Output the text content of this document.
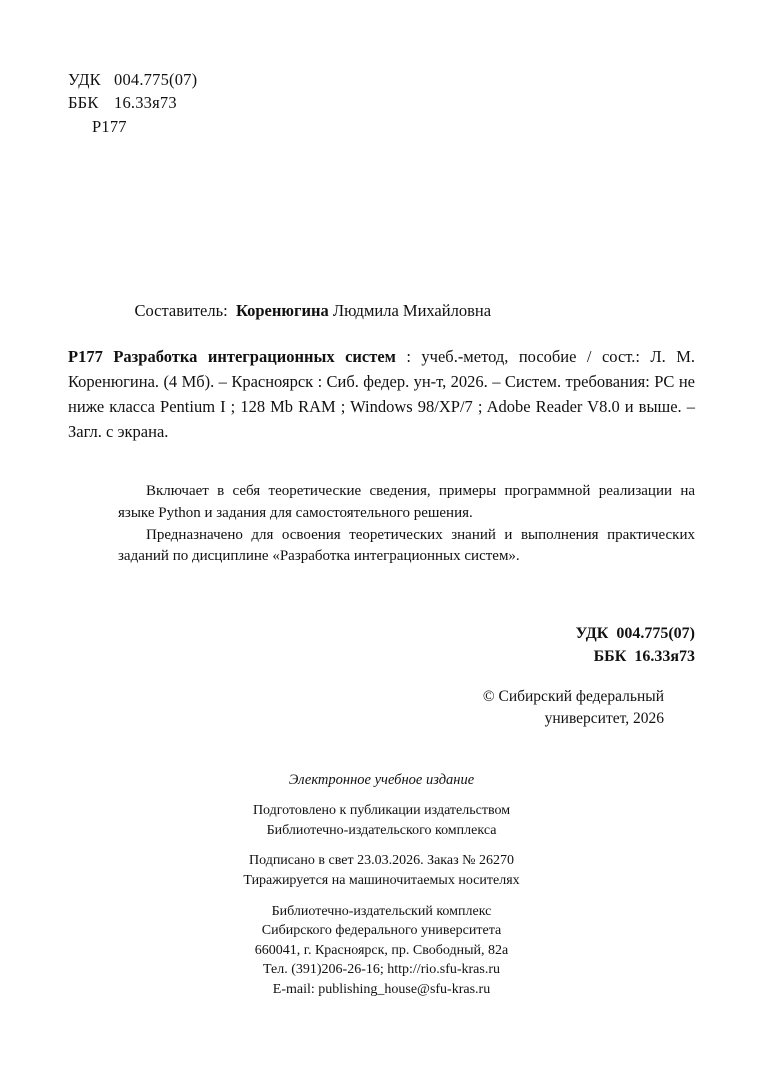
УДК 004.775(07)
ББК 16.33я73
Р177

Составитель: Коренюгина Людмила Михайловна

Р177 Разработка интеграционных систем : учеб.-метод, пособие / сост.: Л. М. Коренюгина. (4 Мб). – Красноярск : Сиб. федер. ун-т, 2026. – Систем. требования: PC не ниже класса Pentium I ; 128 Mb RAM ; Windows 98/XP/7 ; Adobe Reader V8.0 и выше. – Загл. с экрана.

Включает в себя теоретические сведения, примеры программной реализации на языке Python и задания для самостоятельного решения.

Предназначено для освоения теоретических знаний и выполнения практических заданий по дисциплине «Разработка интеграционных систем».

УДК  004.775(07)
ББК  16.33я73
© Сибирский федеральный
университет, 2026
Электронное учебное издание
Подготовлено к публикации издательством
Библиотечно-издательского комплекса
Подписано в свет 23.03.2026. Заказ № 26270
Тиражируется на машиночитаемых носителях
Библиотечно-издательский комплекс
Сибирского федерального университета
660041, г. Красноярск, пр. Свободный, 82а
Тел. (391)206-26-16; http://rio.sfu-kras.ru
E-mail: publishing_house@sfu-kras.ru
